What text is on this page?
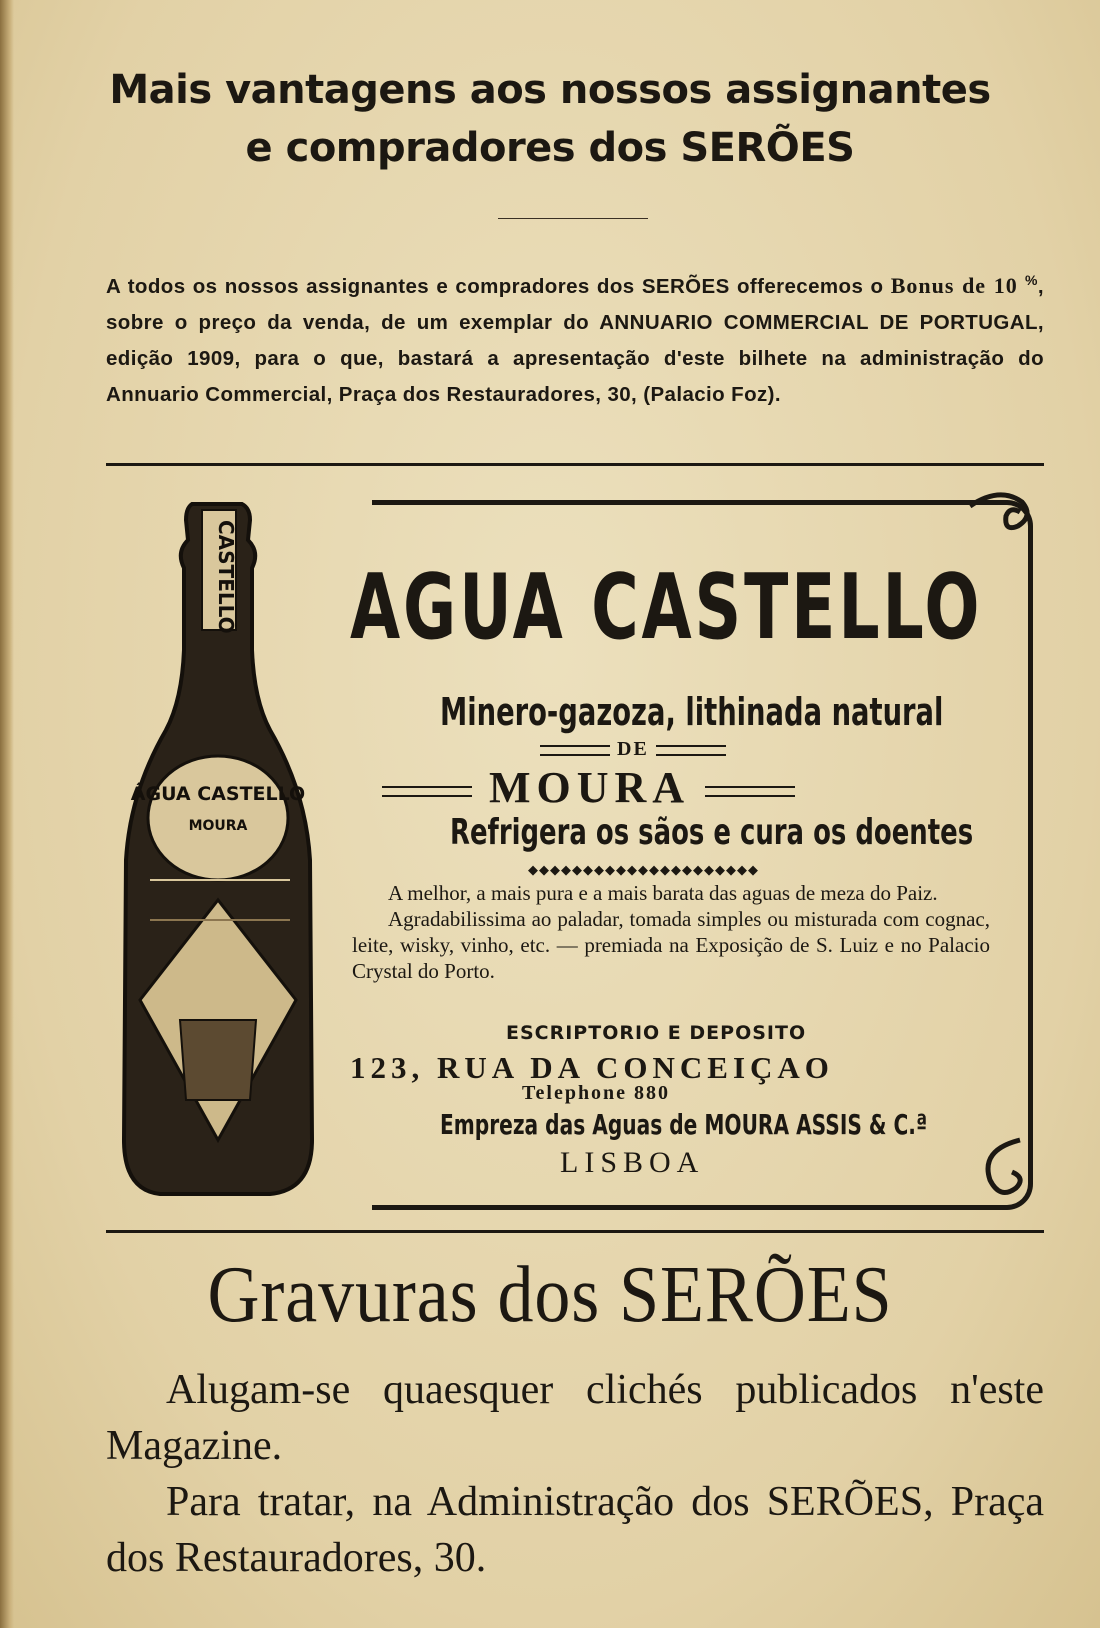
Mais vantagens aos nossos assignantes
e compradores dos SERÕES
A todos os nossos assignantes e compradores dos SERÕES offerecemos o Bonus de 10 %, sobre o preço da venda, de um exemplar do ANNUARIO COMMERCIAL DE PORTUGAL, edição 1909, para o que, bastará a apresentação d'este bilhete na administração do Annuario Commercial, Praça dos Restauradores, 30, (Palacio Foz).
CASTELLO
ÁGUA CASTELLO
MOURA
AGUA CASTELLO
Minero-gazoza, lithinada natural
DE
MOURA
Refrigera os sãos e cura os doentes
◆◆◆◆◆◆◆◆◆◆◆◆◆◆◆◆◆◆◆◆◆

A melhor, a mais pura e a mais barata das aguas de meza do Paiz.

Agradabilissima ao paladar, tomada simples ou misturada com cognac, leite, wisky, vinho, etc. — premiada na Exposição de S. Luiz e no Palacio Crystal do Porto.

ESCRIPTORIO E DEPOSITO
123, RUA DA CONCEIÇAO
Telephone 880
Empreza das Aguas de MOURA ASSIS & C.ª
LISBOA
Gravuras dos SERÕES

Alugam-se quaesquer clichés publicados n'este Magazine.

Para tratar, na Administração dos SERÕES, Praça dos Restauradores, 30.
